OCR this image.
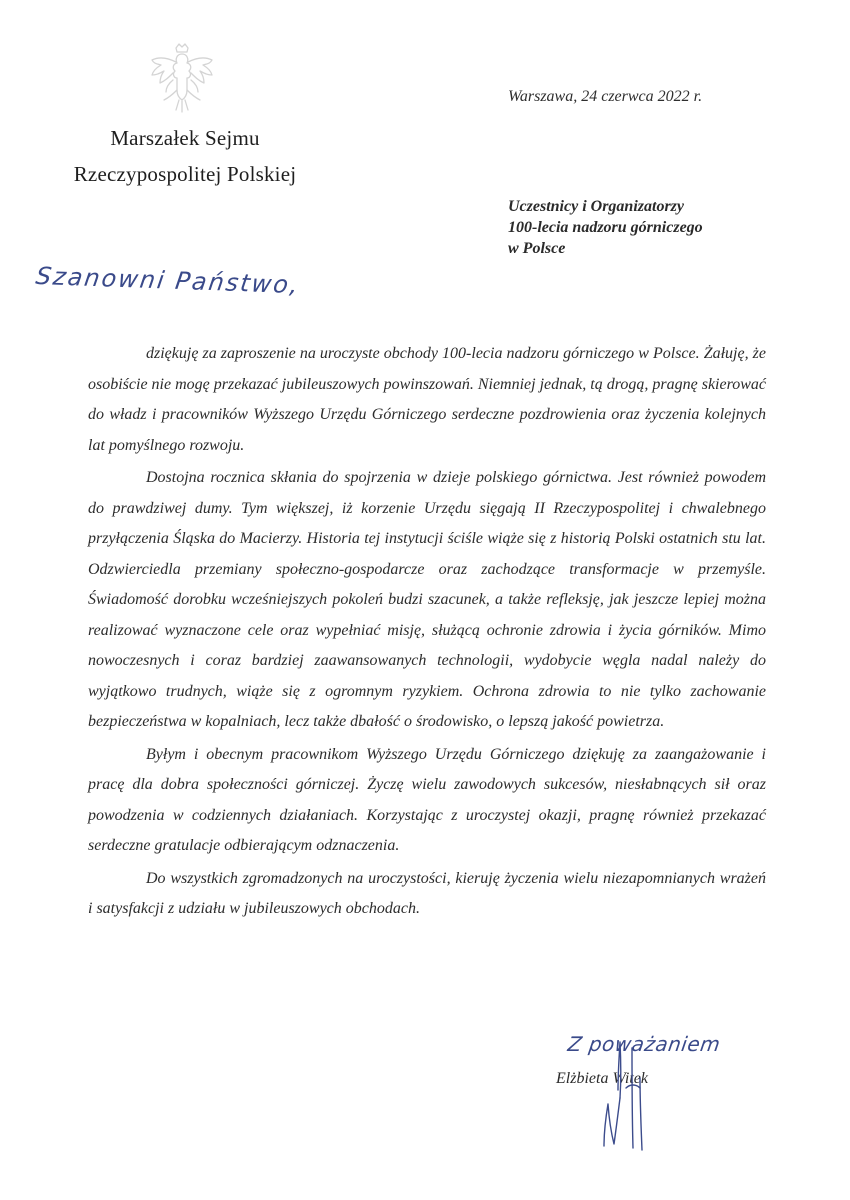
Marszałek Sejmu
Rzeczypospolitej Polskiej
Warszawa, 24 czerwca 2022 r.
Uczestnicy i Organizatorzy
100-lecia nadzoru górniczego
w Polsce
Szanowni Państwo,

dziękuję za zaproszenie na uroczyste obchody 100-lecia nadzoru górniczego w Polsce. Żałuję, że osobiście nie mogę przekazać jubileuszowych powinszowań. Niemniej jednak, tą drogą, pragnę skierować do władz i pracowników Wyższego Urzędu Górniczego serdeczne pozdrowienia oraz życzenia kolejnych lat pomyślnego rozwoju.

Dostojna rocznica skłania do spojrzenia w dzieje polskiego górnictwa. Jest również powodem do prawdziwej dumy. Tym większej, iż korzenie Urzędu sięgają II Rzeczypospolitej i chwalebnego przyłączenia Śląska do Macierzy. Historia tej instytucji ściśle wiąże się z historią Polski ostatnich stu lat. Odzwierciedla przemiany społeczno-gospodarcze oraz zachodzące transformacje w przemyśle. Świadomość dorobku wcześniejszych pokoleń budzi szacunek, a także refleksję, jak jeszcze lepiej można realizować wyznaczone cele oraz wypełniać misję, służącą ochronie zdrowia i życia górników. Mimo nowoczesnych i coraz bardziej zaawansowanych technologii, wydobycie węgla nadal należy do wyjątkowo trudnych, wiąże się z ogromnym ryzykiem. Ochrona zdrowia to nie tylko zachowanie bezpieczeństwa w kopalniach, lecz także dbałość o środowisko, o lepszą jakość powietrza.

Byłym i obecnym pracownikom Wyższego Urzędu Górniczego dziękuję za zaangażowanie i pracę dla dobra społeczności górniczej. Życzę wielu zawodowych sukcesów, niesłabnących sił oraz powodzenia w codziennych działaniach. Korzystając z uroczystej okazji, pragnę również przekazać serdeczne gratulacje odbierającym odznaczenia.

Do wszystkich zgromadzonych na uroczystości, kieruję życzenia wielu niezapomnianych wrażeń i satysfakcji z udziału w jubileuszowych obchodach.

Z poważaniem
Elżbieta Witek
